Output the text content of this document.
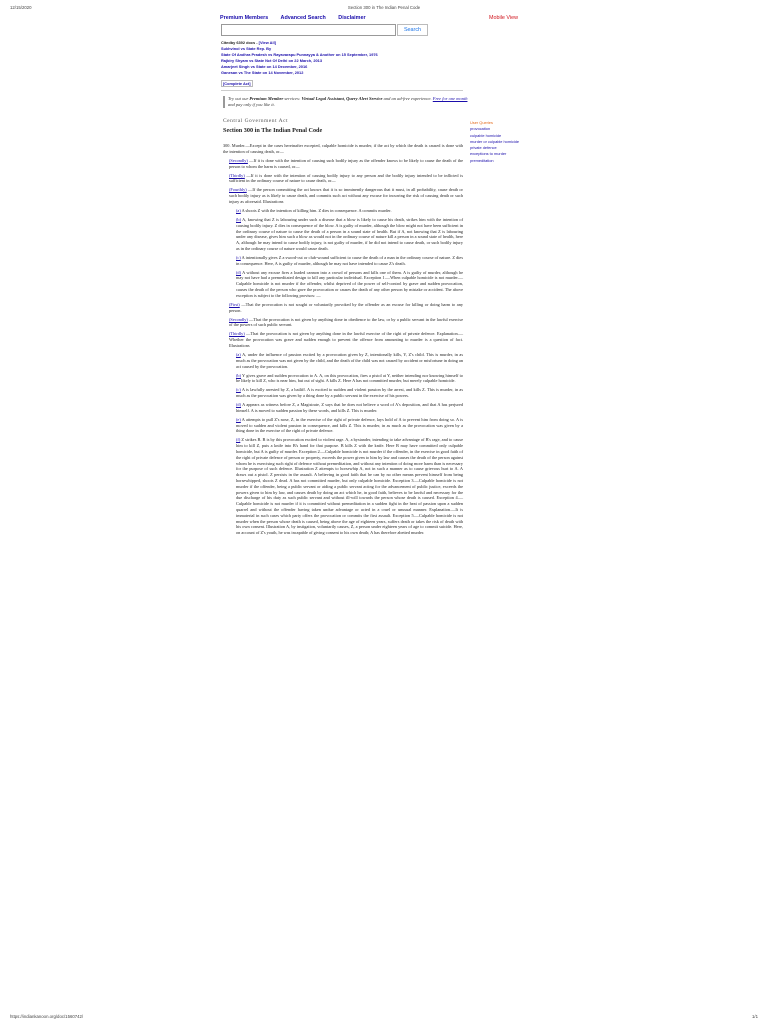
12/15/2020	Section 300 in The Indian Penal Code
Premium Members Advanced Search Disclaimer	Mobile View
Search
Citedby 6392 docs - [View All]
Sukhvinol vs State Rep. By
State Of Andhra Pradesh vs Rayavarapu Punnayya & Another on 15 September, 1976
Rajbiry Shyam vs State Nct Of Delhi on 22 March, 2013
Amarjeet Singh vs State on 14 December, 2016
Ganesan vs The State on 14 November, 2012
[Complete Act]
Try out our Premium Member services: Virtual Legal Assistant, Query Alert Service and an ad-free experience. Free for one month and pay only if you like it.
Central Government Act
Section 300 in The Indian Penal Code

300. Murder.—Except in the cases hereinafter excepted, culpable homicide is murder, if the act by which the death is caused is done with the intention of causing death, or—

(Secondly) —If it is done with the intention of causing such bodily injury as the offender knows to be likely to cause the death of the person to whom the harm is caused, or—

(Thirdly) —If it is done with the intention of causing bodily injury to any person and the bodily injury intended to be inflicted is sufficient in the ordinary course of nature to cause death, or—

(Fourthly) —If the person committing the act knows that it is so imminently dangerous that it must, in all probability, cause death or such bodily injury as is likely to cause death, and commits such act without any excuse for incurring the risk of causing death or such injury as aforesaid. Illustrations

(a) A shoots Z with the intention of killing him. Z dies in consequence. A commits murder.

(b) A, knowing that Z is labouring under such a disease that a blow is likely to cause his death, strikes him with the intention of causing bodily injury. Z dies in consequence of the blow. A is guilty of murder, although the blow might not have been sufficient in the ordinary course of nature to cause the death of a person in a sound state of health. But if A, not knowing that Z is labouring under any disease, gives him such a blow as would not in the ordinary course of nature kill a person in a sound state of health, here A, although he may intend to cause bodily injury, is not guilty of murder, if he did not intend to cause death, or such bodily injury as in the ordinary course of nature would cause death.

(c) A intentionally gives Z a sword-cut or club-wound sufficient to cause the death of a man in the ordinary course of nature. Z dies in consequence. Here, A is guilty of murder, although he may not have intended to cause Z's death.

(d) A without any excuse fires a loaded cannon into a crowd of persons and kills one of them. A is guilty of murder, although he may not have had a premeditated design to kill any particular individual. Exception 1.—When culpable homicide is not murder.—Culpable homicide is not murder if the offender, whilst deprived of the power of self-control by grave and sudden provocation, causes the death of the person who gave the provocation or causes the death of any other person by mistake or accident. The above exception is subject to the following provisos: —

(First) —That the provocation is not sought or voluntarily provoked by the offender as an excuse for killing or doing harm to any person.

(Secondly) —That the provocation is not given by anything done in obedience to the law, or by a public servant in the lawful exercise of the powers of such public servant.

(Thirdly) —That the provocation is not given by anything done in the lawful exercise of the right of private defence. Explanation.—Whether the provocation was grave and sudden enough to prevent the offence from amounting to murder is a question of fact. Illustrations

(a) A, under the influence of passion excited by a provocation given by Z, intentionally kills, Y, Z's child. This is murder, in as much as the provocation was not given by the child, and the death of the child was not caused by accident or misfortune in doing an act caused by the provocation.

(b) Y gives grave and sudden provocation to A. A, on this provocation, fires a pistol at Y, neither intending nor knowing himself to be likely to kill Z, who is near him, but out of sight. A kills Z. Here A has not committed murder, but merely culpable homicide.

(c) A is lawfully arrested by Z, a bailiff. A is excited to sudden and violent passion by the arrest, and kills Z. This is murder, in as much as the provocation was given by a thing done by a public servant in the exercise of his powers.

(d) A appears as witness before Z, a Magistrate, Z says that he does not believe a word of A's deposition, and that A has perjured himself. A is moved to sudden passion by these words, and kills Z. This is murder.

(e) A attempts to pull Z's nose, Z, in the exercise of the right of private defence, lays hold of A to prevent him from doing so. A is moved to sudden and violent passion in consequence, and kills Z. This is murder, in as much as the provocation was given by a thing done in the exercise of the right of private defence.

(f) Z strikes B. B is by this provocation excited to violent rage. A, a bystander, intending to take advantage of B's rage, and to cause him to kill Z, puts a knife into B's hand for that purpose. B kills Z with the knife. Here B may have committed only culpable homicide, but A is guilty of murder. Exception 2.—Culpable homicide is not murder if the offender, in the exercise in good faith of the right of private defence of person or property, exceeds the power given to him by law and causes the death of the person against whom he is exercising such right of defence without premeditation, and without any intention of doing more harm than is necessary for the purpose of such defence. Illustration Z attempts to horsewhip A, not in such a manner as to cause grievous hurt to A. A draws out a pistol. Z persists in the assault. A believing in good faith that he can by no other means prevent himself from being horsewhipped, shoots Z dead. A has not committed murder, but only culpable homicide. Exception 3.—Culpable homicide is not murder if the offender, being a public servant or aiding a public servant acting for the advancement of public justice, exceeds the powers given to him by law, and causes death by doing an act which he, in good faith, believes to be lawful and necessary for the due discharge of his duty as such public servant and without ill-will towards the person whose death is caused. Exception 4.—Culpable homicide is not murder if it is committed without premeditation in a sudden fight in the heat of passion upon a sudden quarrel and without the offender having taken undue advantage or acted in a cruel or unusual manner. Explanation.—It is immaterial in such cases which party offers the provocation or commits the first assault. Exception 5.—Culpable homicide is not murder when the person whose death is caused, being above the age of eighteen years, suffers death or takes the risk of death with his own consent. Illustration A, by instigation, voluntarily causes, Z, a person under eighteen years of age to commit suicide. Here, on account of Z's youth, he was incapable of giving consent to his own death; A has therefore abetted murder.

User Queries
provocation
culpable homicide
murder or culpable homicide
private defence
exceptions to murder
premeditation
https://indiankanoon.org/doc/1560742/	1/1
